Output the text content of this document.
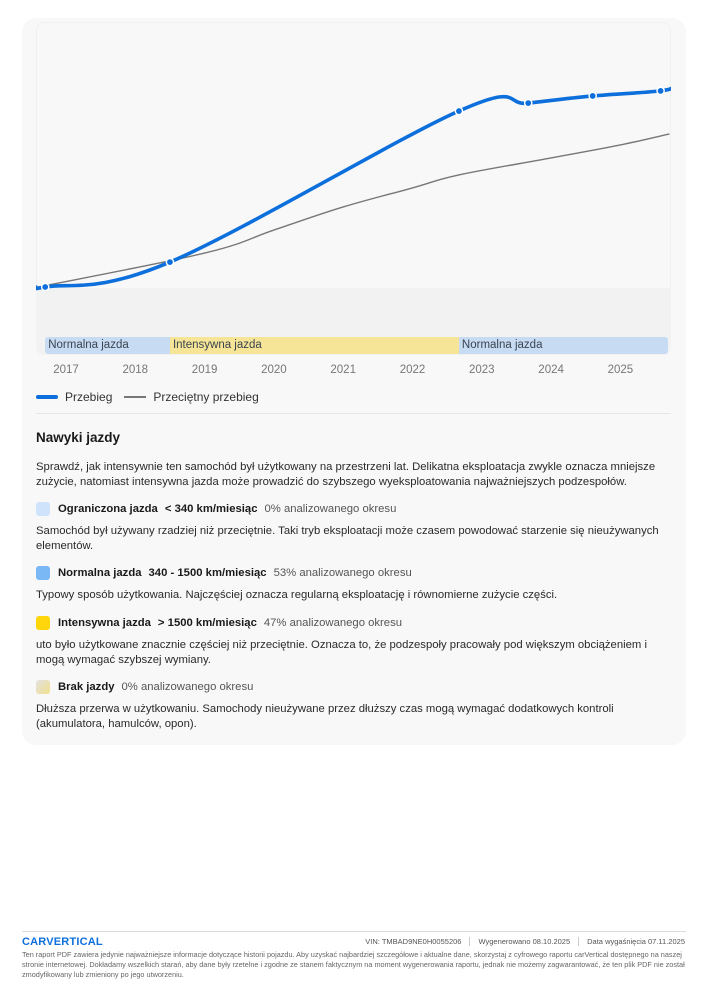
Normalna jazda	Intensywna jazda	Normalna jazda
2017	2018	2019	2020	2021	2022	2023	2024	2025
Przebieg	Przeciętny przebieg
Nawyki jazdy
Sprawdź, jak intensywnie ten samochód był użytkowany na przestrzeni lat. Delikatna eksploatacja zwykle oznacza mniejsze zużycie, natomiast intensywna jazda może prowadzić do szybszego wyeksploatowania najważniejszych podzespołów.
Ograniczona jazda < 340 km/miesiąc 0% analizowanego okresu
Samochód był używany rzadziej niż przeciętnie. Taki tryb eksploatacji może czasem powodować starzenie się nieużywanych elementów.
Normalna jazda 340 - 1500 km/miesiąc 53% analizowanego okresu
Typowy sposób użytkowania. Najczęściej oznacza regularną eksploatację i równomierne zużycie części.
Intensywna jazda > 1500 km/miesiąc 47% analizowanego okresu
uto było użytkowane znacznie częściej niż przeciętnie. Oznacza to, że podzespoły pracowały pod większym obciążeniem i mogą wymagać szybszej wymiany.
Brak jazdy 0% analizowanego okresu
Dłuższa przerwa w użytkowaniu. Samochody nieużywane przez dłuższy czas mogą wymagać dodatkowych kontroli (akumulatora, hamulców, opon).
CARVERTICAL	VIN: TMBAD9NE0H0055206 Wygenerowano 08.10.2025 Data wygaśnięcia 07.11.2025
Ten raport PDF zawiera jedynie najważniejsze informacje dotyczące historii pojazdu. Aby uzyskać najbardziej szczegółowe i aktualne dane, skorzystaj z cyfrowego raportu carVertical dostępnego na naszej stronie internetowej. Dokładamy wszelkich starań, aby dane były rzetelne i zgodne ze stanem faktycznym na moment wygenerowania raportu, jednak nie możemy zagwarantować, że ten plik PDF nie został zmodyfikowany lub zmieniony po jego utworzeniu.
